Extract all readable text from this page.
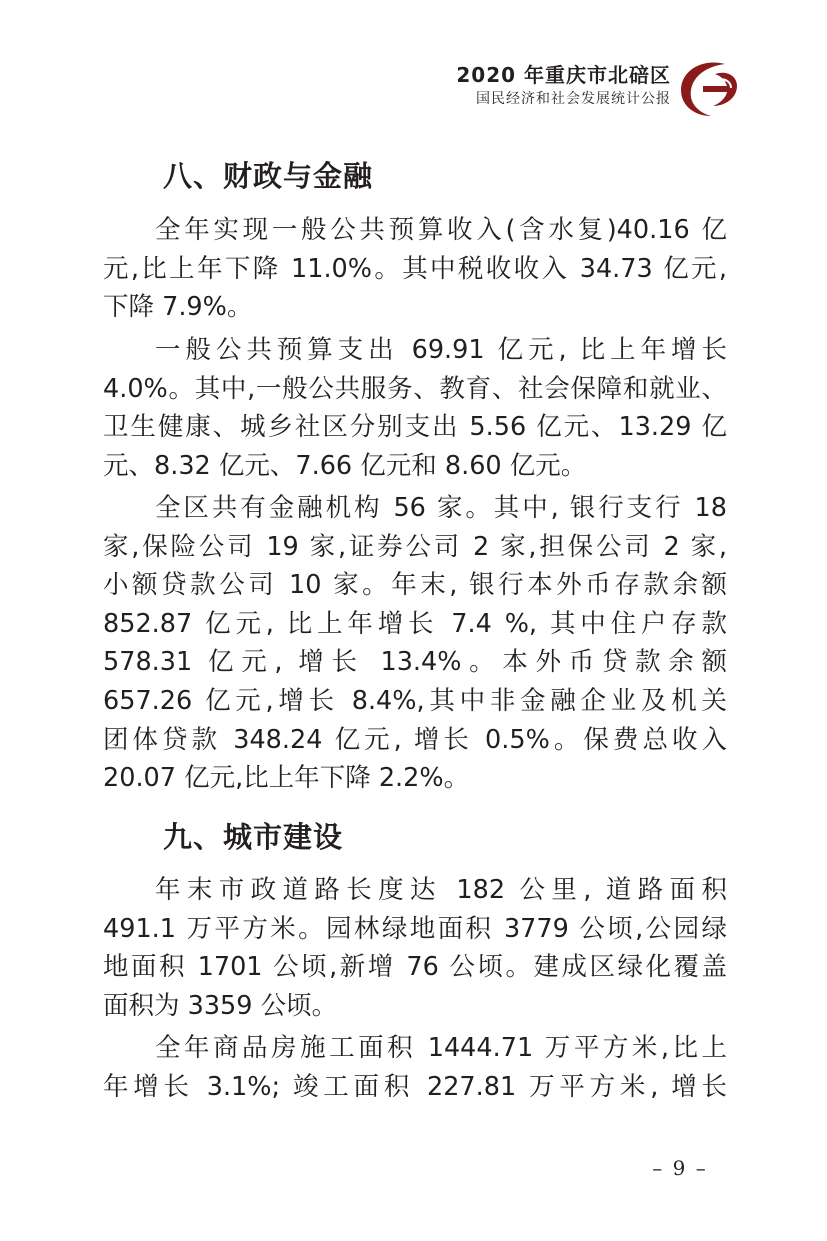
2020 年重庆市北碚区
国民经济和社会发展统计公报
八、财政与金融

全年实现一般公共预算收入(含水复)40.16 亿

元,比上年下降 11.0%。其中税收收入 34.73 亿元,

下降 7.9%。

一般公共预算支出 69.91 亿元, 比上年增长

4.0%。其中,一般公共服务、教育、社会保障和就业、

卫生健康、城乡社区分别支出 5.56 亿元、13.29 亿

元、8.32 亿元、7.66 亿元和 8.60 亿元。

全区共有金融机构 56 家。其中, 银行支行 18

家,保险公司 19 家,证券公司 2 家,担保公司 2 家,

小额贷款公司 10 家。年末, 银行本外币存款余额

852.87 亿元, 比上年增长 7.4 %, 其中住户存款

578.31 亿元, 增长 13.4%。本外币贷款余额

657.26 亿元,增长 8.4%,其中非金融企业及机关

团体贷款 348.24 亿元, 增长 0.5%。保费总收入

20.07 亿元,比上年下降 2.2%。

九、城市建设

年末市政道路长度达 182 公里, 道路面积

491.1 万平方米。园林绿地面积 3779 公顷,公园绿

地面积 1701 公顷,新增 76 公顷。建成区绿化覆盖

面积为 3359 公顷。

全年商品房施工面积 1444.71 万平方米,比上

年增长 3.1%; 竣工面积 227.81 万平方米, 增长

– 9 –
